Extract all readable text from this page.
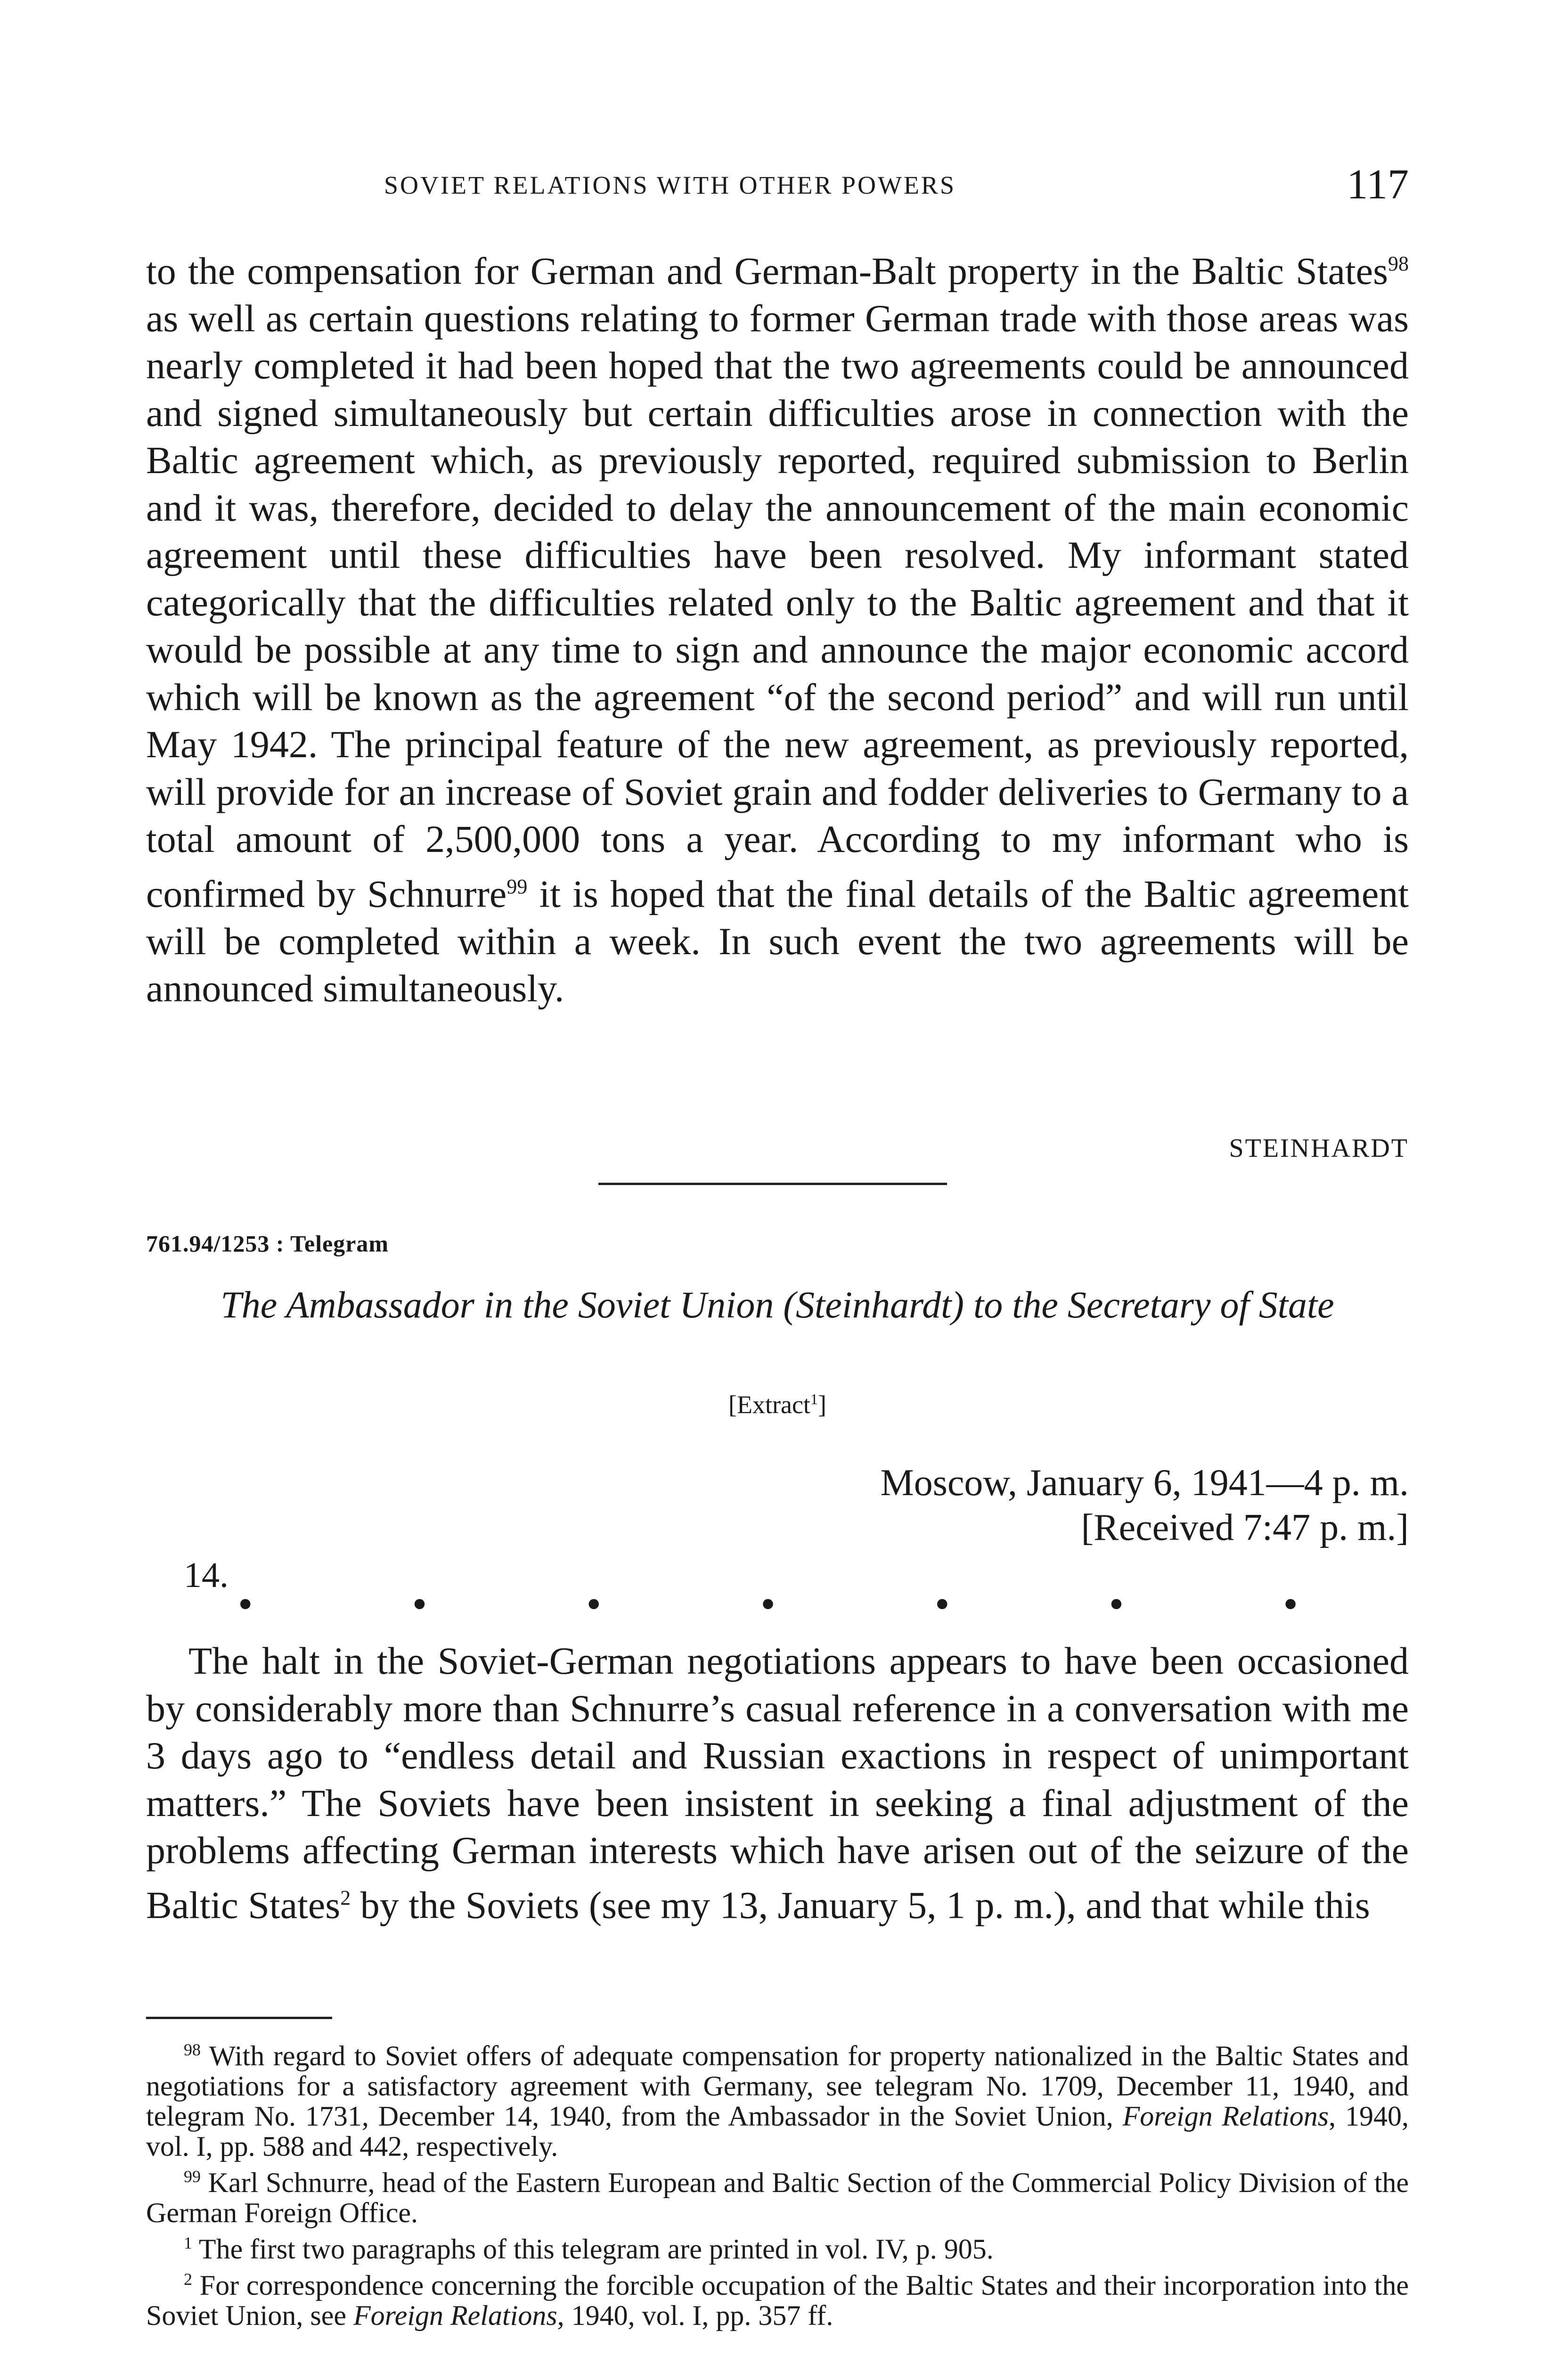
SOVIET RELATIONS WITH OTHER POWERS	117

to the compensation for German and German-Balt property in the Baltic States$^{98}$ as well as certain questions relating to former German trade with those areas was nearly completed it had been hoped that the two agreements could be announced and signed simultaneously but certain difficulties arose in connection with the Baltic agreement which, as previously reported, required submission to Berlin and it was, therefore, decided to delay the announcement of the main economic agreement until these difficulties have been resolved. My informant stated categorically that the difficulties related only to the Baltic agreement and that it would be possible at any time to sign and announce the major economic accord which will be known as the agreement “of the second period” and will run until May 1942. The principal feature of the new agreement, as previously reported, will provide for an increase of Soviet grain and fodder deliveries to Germany to a total amount of 2,500,000 tons a year. According to my informant who is confirmed by Schnurre$^{99}$ it is hoped that the final details of the Baltic agreement will be completed within a week. In such event the two agreements will be announced simultaneously.

STEINHARDT
761.94/1253 : Telegram
The Ambassador in the Soviet Union (Steinhardt) to the Secretary of State
[Extract$^1$]
Moscow, January 6, 1941—4 p. m.
[Received 7:47 p. m.]
14.
•	•	•	•	•	•	•

The halt in the Soviet-German negotiations appears to have been occasioned by considerably more than Schnurre’s casual reference in a conversation with me 3 days ago to “endless detail and Russian exactions in respect of unimportant matters.” The Soviets have been insistent in seeking a final adjustment of the problems affecting German interests which have arisen out of the seizure of the Baltic States$^2$ by the Soviets (see my 13, January 5, 1 p. m.), and that while this

$^{98}$ With regard to Soviet offers of adequate compensation for property nationalized in the Baltic States and negotiations for a satisfactory agreement with Germany, see telegram No. 1709, December 11, 1940, and telegram No. 1731, December 14, 1940, from the Ambassador in the Soviet Union, Foreign Relations, 1940, vol. I, pp. 588 and 442, respectively.

$^{99}$ Karl Schnurre, head of the Eastern European and Baltic Section of the Commercial Policy Division of the German Foreign Office.

$^1$ The first two paragraphs of this telegram are printed in vol. IV, p. 905.

$^2$ For correspondence concerning the forcible occupation of the Baltic States and their incorporation into the Soviet Union, see Foreign Relations, 1940, vol. I, pp. 357 ff.
